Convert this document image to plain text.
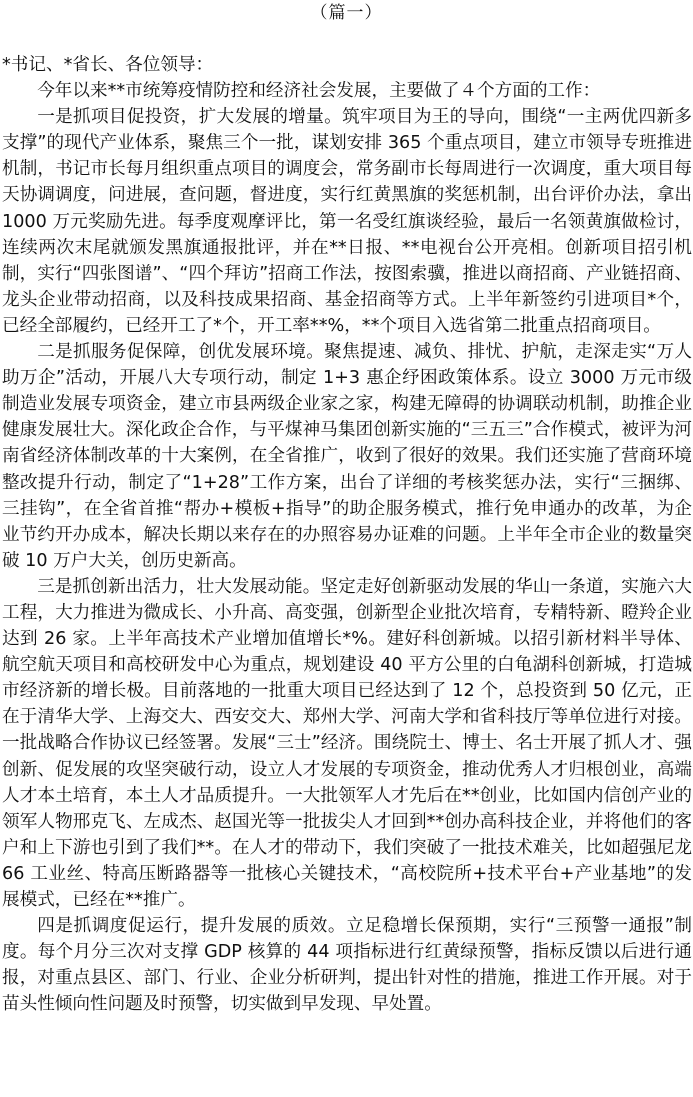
（篇一）

*书记、*省长、各位领导：

今年以来**市统筹疫情防控和经济社会发展，主要做了４个方面的工作：

一是抓项目促投资，扩大发展的增量。筑牢项目为王的导向，围绕“一主两优四新多支撑”的现代产业体系，聚焦三个一批，谋划安排 365 个重点项目，建立市领导专班推进机制，书记市长每月组织重点项目的调度会，常务副市长每周进行一次调度，重大项目每天协调调度，问进展，查问题，督进度，实行红黄黑旗的奖惩机制，出台评价办法，拿出 1000 万元奖励先进。每季度观摩评比，第一名受红旗谈经验，最后一名领黄旗做检讨，连续两次末尾就颁发黑旗通报批评，并在**日报、**电视台公开亮相。创新项目招引机制，实行“四张图谱”、“四个拜访”招商工作法，按图索骥，推进以商招商、产业链招商、龙头企业带动招商，以及科技成果招商、基金招商等方式。上半年新签约引进项目*个，已经全部履约，已经开工了*个，开工率**%，**个项目入选省第二批重点招商项目。

二是抓服务促保障，创优发展环境。聚焦提速、减负、排忧、护航，走深走实“万人助万企”活动，开展八大专项行动，制定 1+3 惠企纾困政策体系。设立 3000 万元市级制造业发展专项资金，建立市县两级企业家之家，构建无障碍的协调联动机制，助推企业健康发展壮大。深化政企合作，与平煤神马集团创新实施的“三五三”合作模式，被评为河南省经济体制改革的十大案例，在全省推广，收到了很好的效果。我们还实施了营商环境整改提升行动，制定了“1+28”工作方案，出台了详细的考核奖惩办法，实行“三捆绑、三挂钩”，在全省首推“帮办+模板+指导”的助企服务模式，推行免申通办的改革，为企业节约开办成本，解决长期以来存在的办照容易办证难的问题。上半年全市企业的数量突破 10 万户大关，创历史新高。

三是抓创新出活力，壮大发展动能。坚定走好创新驱动发展的华山一条道，实施六大工程，大力推进为微成长、小升高、高变强，创新型企业批次培育，专精特新、瞪羚企业达到 26 家。上半年高技术产业增加值增长*%。建好科创新城。以招引新材料半导体、航空航天项目和高校研发中心为重点，规划建设 40 平方公里的白龟湖科创新城，打造城市经济新的增长极。目前落地的一批重大项目已经达到了 12 个，总投资到 50 亿元，正在于清华大学、上海交大、西安交大、郑州大学、河南大学和省科技厅等单位进行对接。一批战略合作协议已经签署。发展“三士”经济。围绕院士、博士、名士开展了抓人才、强创新、促发展的攻坚突破行动，设立人才发展的专项资金，推动优秀人才归根创业，高端人才本土培育，本土人才品质提升。一大批领军人才先后在**创业，比如国内信创产业的领军人物邢克飞、左成杰、赵国光等一批拔尖人才回到**创办高科技企业，并将他们的客户和上下游也引到了我们**。在人才的带动下，我们突破了一批技术难关，比如超强尼龙 66 工业丝、特高压断路器等一批核心关键技术，“高校院所+技术平台+产业基地”的发展模式，已经在**推广。

四是抓调度促运行，提升发展的质效。立足稳增长保预期，实行“三预警一通报”制度。每个月分三次对支撑 GDP 核算的 44 项指标进行红黄绿预警，指标反馈以后进行通报，对重点县区、部门、行业、企业分析研判，提出针对性的措施，推进工作开展。对于苗头性倾向性问题及时预警，切实做到早发现、早处置。
